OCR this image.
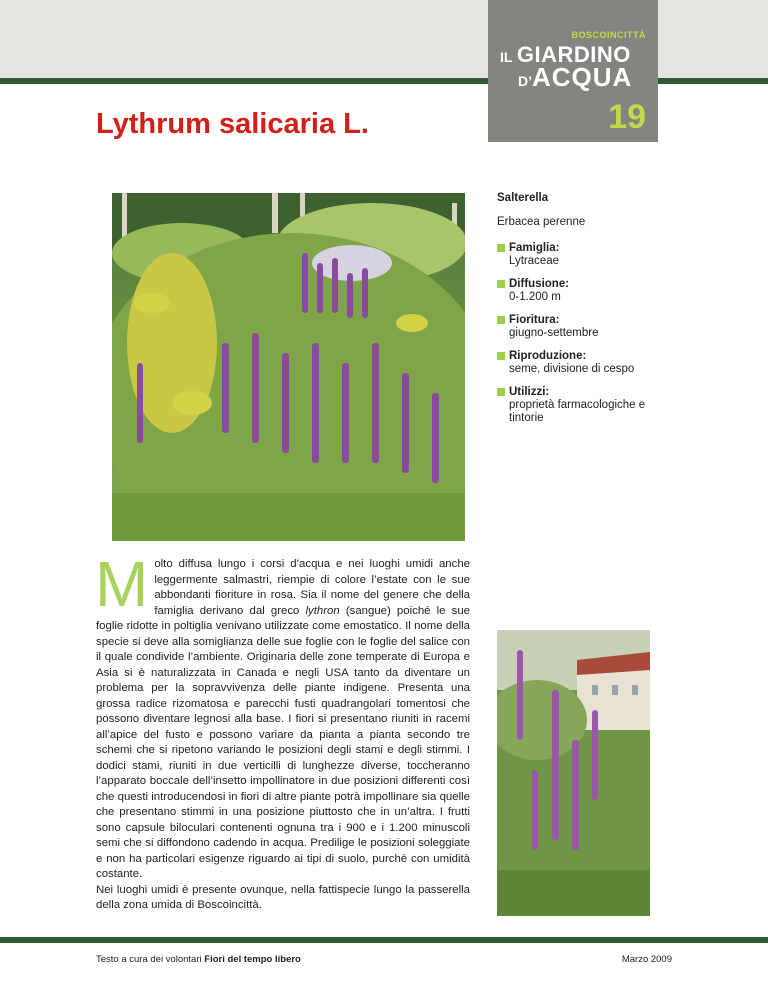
BOSCOINCITTÀ
IL GIARDINO
D’ACQUA
19
Lythrum salicaria L.

Salterella

Erbacea perenne

Famiglia:
Lytraceae
Diffusione:
0-1.200 m
Fioritura:
giugno-settembre
Riproduzione:
seme, divisione di cespo
Utilizzi:
proprietà farmacologiche e tintorie

Molto diffusa lungo i corsi d’acqua e nei luoghi umidi anche leggermente salmastri, riempie di colore l’estate con le sue abbondanti fioriture in rosa. Sia il nome del genere che della famiglia derivano dal greco lythron (sangue) poiché le sue foglie ridotte in poltiglia venivano utilizzate come emostatico. Il nome della specie si deve alla somiglianza delle sue foglie con le foglie del salice con il quale condivide l’ambiente. Originaria delle zone temperate di Europa e Asia si è naturalizzata in Canada e negli USA tanto da diventare un problema per la sopravvivenza delle piante indigene. Presenta una grossa radice rizomatosa e parecchi fusti quadrangolari tomentosi che possono diventare legnosi alla base. I fiori si presentano riuniti in racemi all’apice del fusto e possono variare da pianta a pianta secondo tre schemi che si ripetono variando le posizioni degli stami e degli stimmi. I dodici stami, riuniti in due verticilli di lunghezze diverse, toccheranno l’apparato boccale dell’insetto impollinatore in due posizioni differenti così che questi introducendosi in fiori di altre piante potrà impollinare sia quelle che presentano stimmi in una posizione piuttosto che in un’altra. I frutti sono capsule biloculari contenenti ognuna tra i 900 e i 1.200 minuscoli semi che si diffondono cadendo in acqua. Predilige le posizioni soleggiate e non ha particolari esigenze riguardo ai tipi di suolo, purchè con umidità costante.

Nei luoghi umidi è presente ovunque, nella fattispecie lungo la passerella della zona umida di Boscoincittà.

Testo a cura dei volontari Fiori del tempo libero	Marzo 2009
